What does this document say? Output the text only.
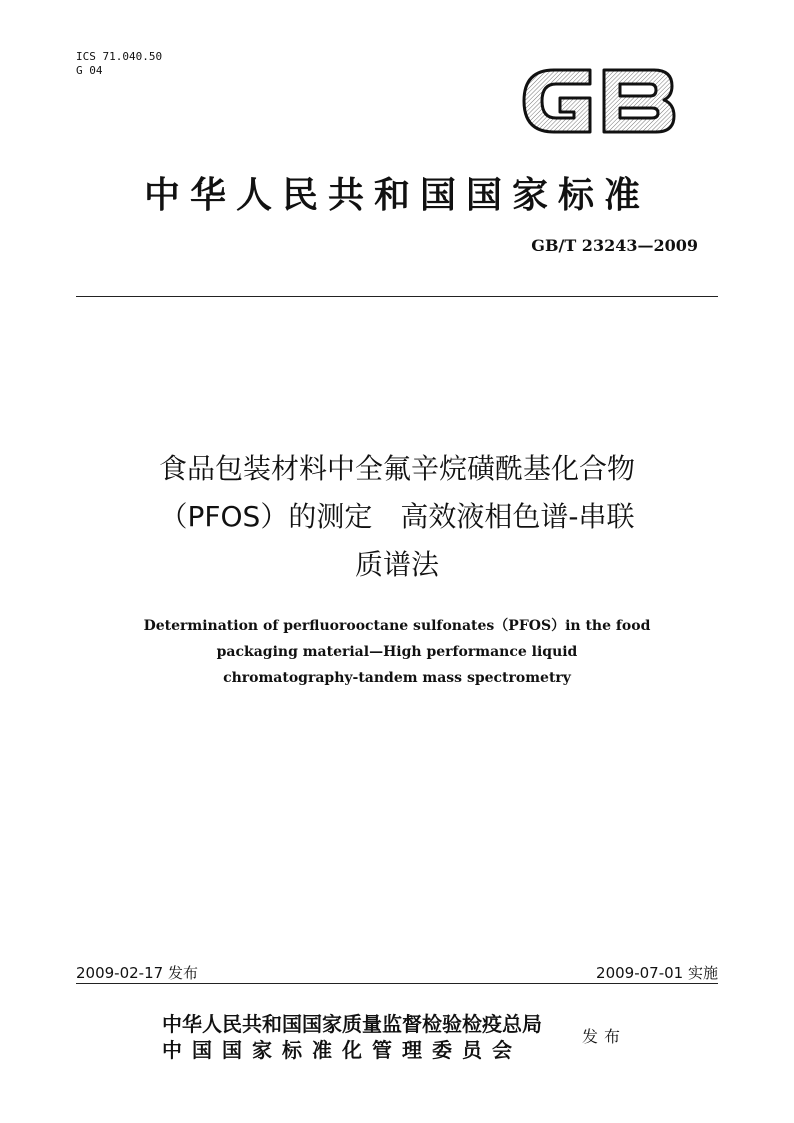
ICS 71.040.50
G 04
GB
中华人民共和国国家标准
GB/T 23243—2009
食品包装材料中全氟辛烷磺酰基化合物
（PFOS）的测定　高效液相色谱-串联
质谱法
Determination of perfluorooctane sulfonates（PFOS）in the food
packaging material—High performance liquid
chromatography-tandem mass spectrometry
2009-02-17 发布	2009-07-01 实施
中华人民共和国国家质量监督检验检疫总局
中国国家标准化管理委员会
发布
